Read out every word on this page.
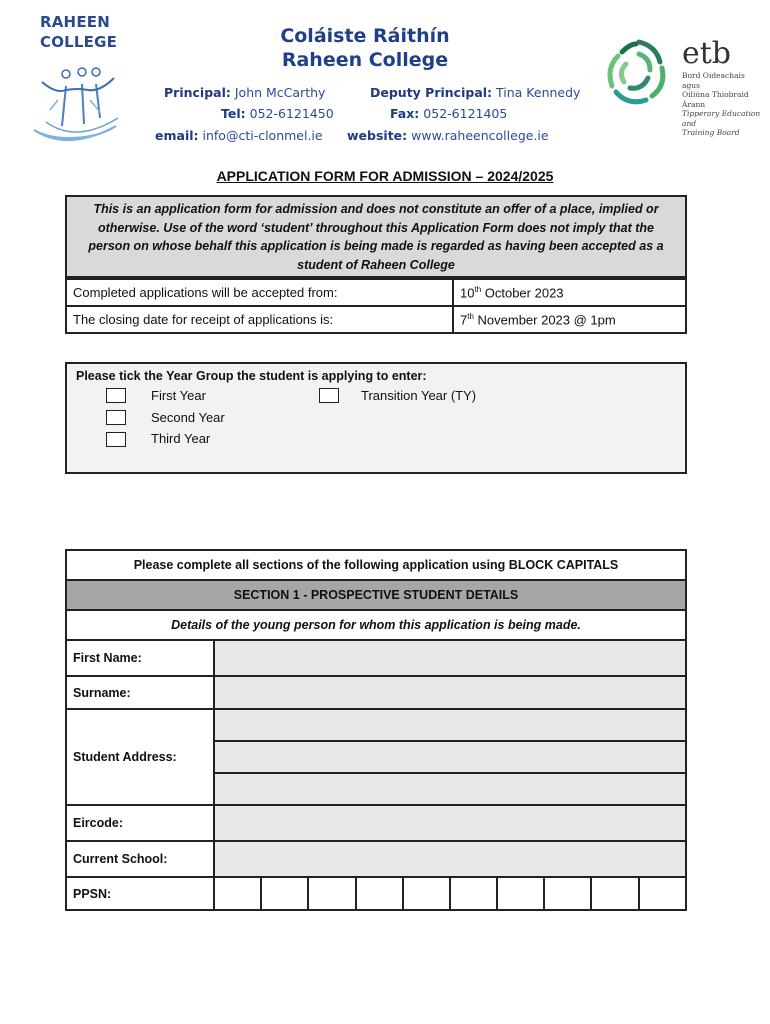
RAHEEN
COLLEGE	Coláiste Ráithín
Raheen College
Principal: John McCarthy	Deputy Principal: Tina Kennedy
Tel: 052-6121450	Fax: 052-6121405
email: info@cti-clonmel.ie website: www.raheencollege.ie
etb
Bord Oideachais agus
Oiliúna Thiobraid Árann
Tipperary Education and
Training Board
APPLICATION FORM FOR ADMISSION – 2024/2025
This is an application form for admission and does not constitute an offer of a place, implied or otherwise. Use of the word ‘student’ throughout this Application Form does not imply that the person on whose behalf this application is being made is regarded as having been accepted as a student of Raheen College
Completed applications will be accepted from:	10th October 2023
The closing date for receipt of applications is:	7th November 2023 @ 1pm
Please tick the Year Group the student is applying to enter:
First Year
Second Year
Third Year
Transition Year (TY)
Please complete all sections of the following application using BLOCK CAPITALS										
SECTION 1 - PROSPECTIVE STUDENT DETAILS										
Details of the young person for whom this application is being made.										
First Name:										
Surname:										
Student Address:										

Eircode:										
Current School:										
PPSN:										
